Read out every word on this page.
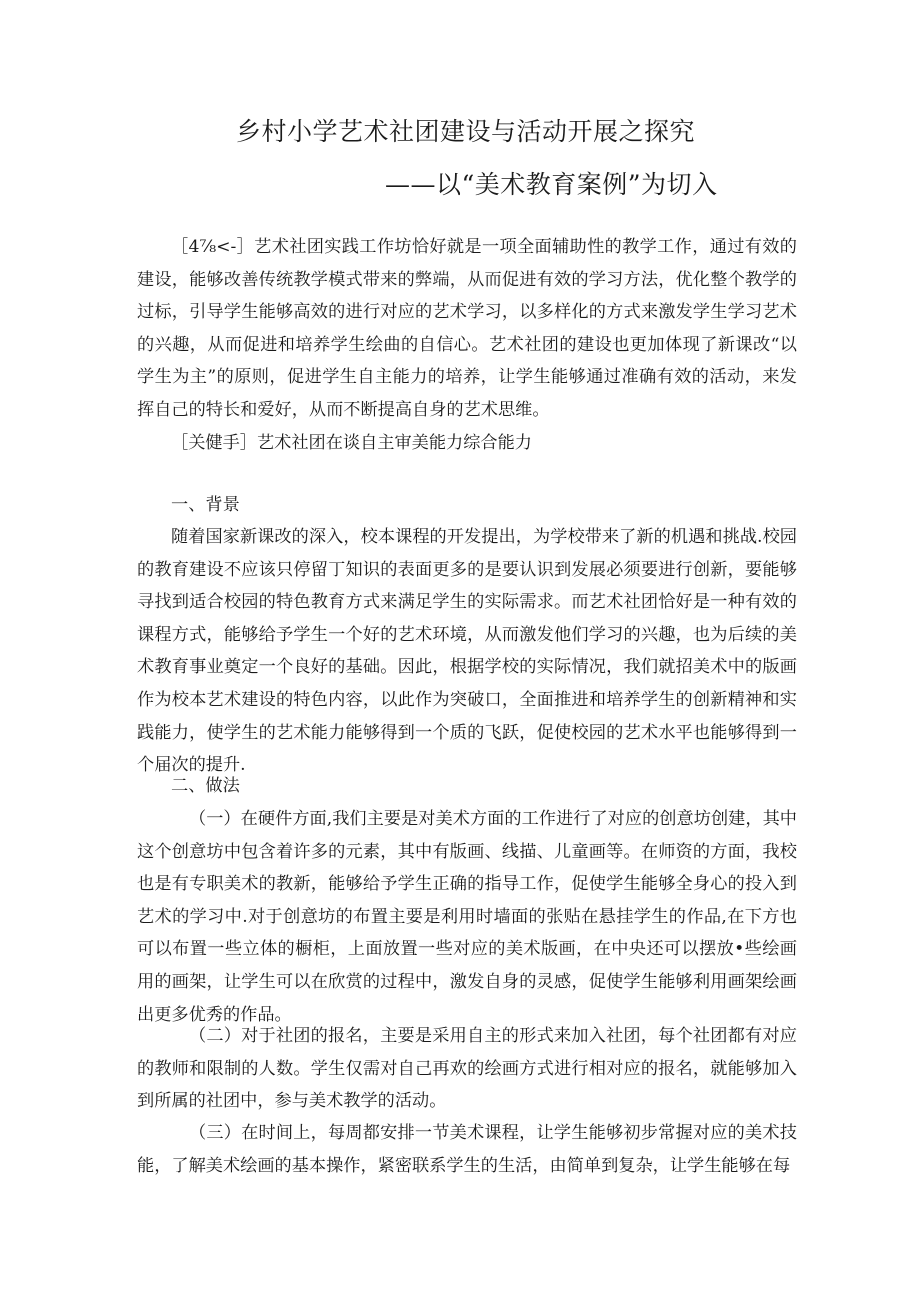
乡村小学艺术社团建设与活动开展之探究
——以“美术教育案例”为切入

［4⅞<-］艺术社团实践工作坊恰好就是一项全面辅助性的教学工作，通过有效的建设，能够改善传统教学模式带来的弊端，从而促进有效的学习方法，优化整个教学的过标，引导学生能够高效的进行对应的艺术学习，以多样化的方式来激发学生学习艺术的兴趣，从而促进和培养学生绘曲的自信心。艺术社团的建设也更加体现了新课改“以学生为主”的原则，促进学生自主能力的培养，让学生能够通过准确有效的活动，来发挥自己的特长和爱好，从而不断提高自身的艺术思维。

［关健手］艺术社团在谈自主审美能力综合能力

一、背景

随着国家新课改的深入，校本课程的开发提出，为学校带来了新的机遇和挑战.校园的教育建设不应该只停留丁知识的表面更多的是要认识到发展必须要进行创新，要能够寻找到适合校园的特色教育方式来满足学生的实际需求。而艺术社团恰好是一种有效的课程方式，能够给予学生一个好的艺术环境，从而激发他们学习的兴趣，也为后续的美术教育事业奠定一个良好的基础。因此，根据学校的实际情况，我们就招美术中的版画作为校本艺术建设的特色内容，以此作为突破口，全面推进和培养学生的创新精神和实践能力，使学生的艺术能力能够得到一个质的飞跃，促使校园的艺术水平也能够得到一个届次的提升.

二、做法

（一）在硬件方面,我们主要是对美术方面的工作进行了对应的创意坊创建，其中这个创意坊中包含着许多的元素，其中有版画、线描、儿童画等。在师资的方面，我校也是有专职美术的教新，能够给予学生正确的指导工作，促使学生能够全身心的投入到艺术的学习中.对于创意坊的布置主要是利用时墙面的张贴在悬挂学生的作品,在下方也可以布置一些立体的橱柜，上面放置一些对应的美术版画，在中央还可以摆放•些绘画用的画架，让学生可以在欣赏的过程中，激发自身的灵感，促使学生能够利用画架绘画出更多优秀的作品。

（二）对于社团的报名，主要是采用自主的形式来加入社团，每个社团都有对应的教师和限制的人数。学生仅需对自己再欢的绘画方式进行相对应的报名，就能够加入到所属的社团中，参与美术教学的活动。

（三）在时间上，每周都安排一节美术课程，让学生能够初步常握对应的美术技能，了解美术绘画的基本操作，紧密联系学生的生活，由简单到复杂，让学生能够在每
